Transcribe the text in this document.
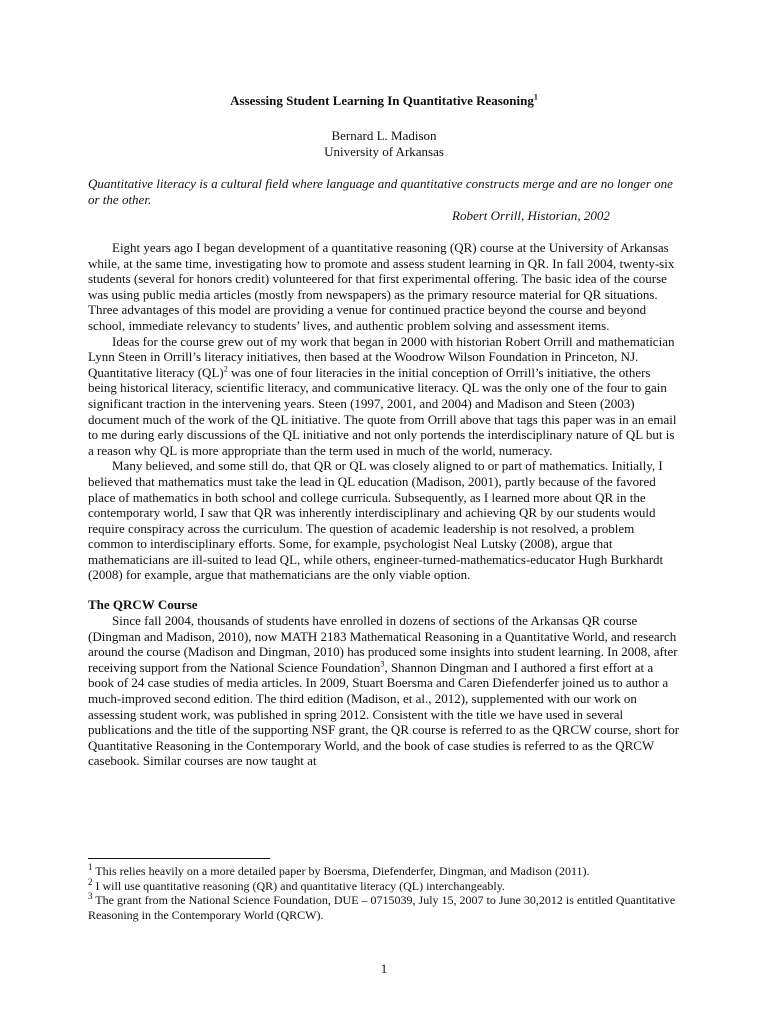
Assessing Student Learning In Quantitative Reasoning$^1$
Bernard L. Madison
University of Arkansas

Quantitative literacy is a cultural field where language and quantitative constructs merge and are no longer one or the other.

Robert Orrill, Historian, 2002

Eight years ago I began development of a quantitative reasoning (QR) course at the University of Arkansas while, at the same time, investigating how to promote and assess student learning in QR. In fall 2004, twenty-six students (several for honors credit) volunteered for that first experimental offering. The basic idea of the course was using public media articles (mostly from newspapers) as the primary resource material for QR situations. Three advantages of this model are providing a venue for continued practice beyond the course and beyond school, immediate relevancy to students’ lives, and authentic problem solving and assessment items.

Ideas for the course grew out of my work that began in 2000 with historian Robert Orrill and mathematician Lynn Steen in Orrill’s literacy initiatives, then based at the Woodrow Wilson Foundation in Princeton, NJ. Quantitative literacy (QL)$^2$ was one of four literacies in the initial conception of Orrill’s initiative, the others being historical literacy, scientific literacy, and communicative literacy. QL was the only one of the four to gain significant traction in the intervening years. Steen (1997, 2001, and 2004) and Madison and Steen (2003) document much of the work of the QL initiative. The quote from Orrill above that tags this paper was in an email to me during early discussions of the QL initiative and not only portends the interdisciplinary nature of QL but is a reason why QL is more appropriate than the term used in much of the world, numeracy.

Many believed, and some still do, that QR or QL was closely aligned to or part of mathematics. Initially, I believed that mathematics must take the lead in QL education (Madison, 2001), partly because of the favored place of mathematics in both school and college curricula. Subsequently, as I learned more about QR in the contemporary world, I saw that QR was inherently interdisciplinary and achieving QR by our students would require conspiracy across the curriculum. The question of academic leadership is not resolved, a problem common to interdisciplinary efforts. Some, for example, psychologist Neal Lutsky (2008), argue that mathematicians are ill-suited to lead QL, while others, engineer-turned-mathematics-educator Hugh Burkhardt (2008) for example, argue that mathematicians are the only viable option.

The QRCW Course

Since fall 2004, thousands of students have enrolled in dozens of sections of the Arkansas QR course (Dingman and Madison, 2010), now MATH 2183 Mathematical Reasoning in a Quantitative World, and research around the course (Madison and Dingman, 2010) has produced some insights into student learning. In 2008, after receiving support from the National Science Foundation$^3$, Shannon Dingman and I authored a first effort at a book of 24 case studies of media articles. In 2009, Stuart Boersma and Caren Diefenderfer joined us to author a much-improved second edition. The third edition (Madison, et al., 2012), supplemented with our work on assessing student work, was published in spring 2012. Consistent with the title we have used in several publications and the title of the supporting NSF grant, the QR course is referred to as the QRCW course, short for Quantitative Reasoning in the Contemporary World, and the book of case studies is referred to as the QRCW casebook. Similar courses are now taught at

$^1$ This relies heavily on a more detailed paper by Boersma, Diefenderfer, Dingman, and Madison (2011).
$^2$ I will use quantitative reasoning (QR) and quantitative literacy (QL) interchangeably.
$^3$ The grant from the National Science Foundation, DUE – 0715039, July 15, 2007 to June 30,2012 is entitled Quantitative Reasoning in the Contemporary World (QRCW).
1
